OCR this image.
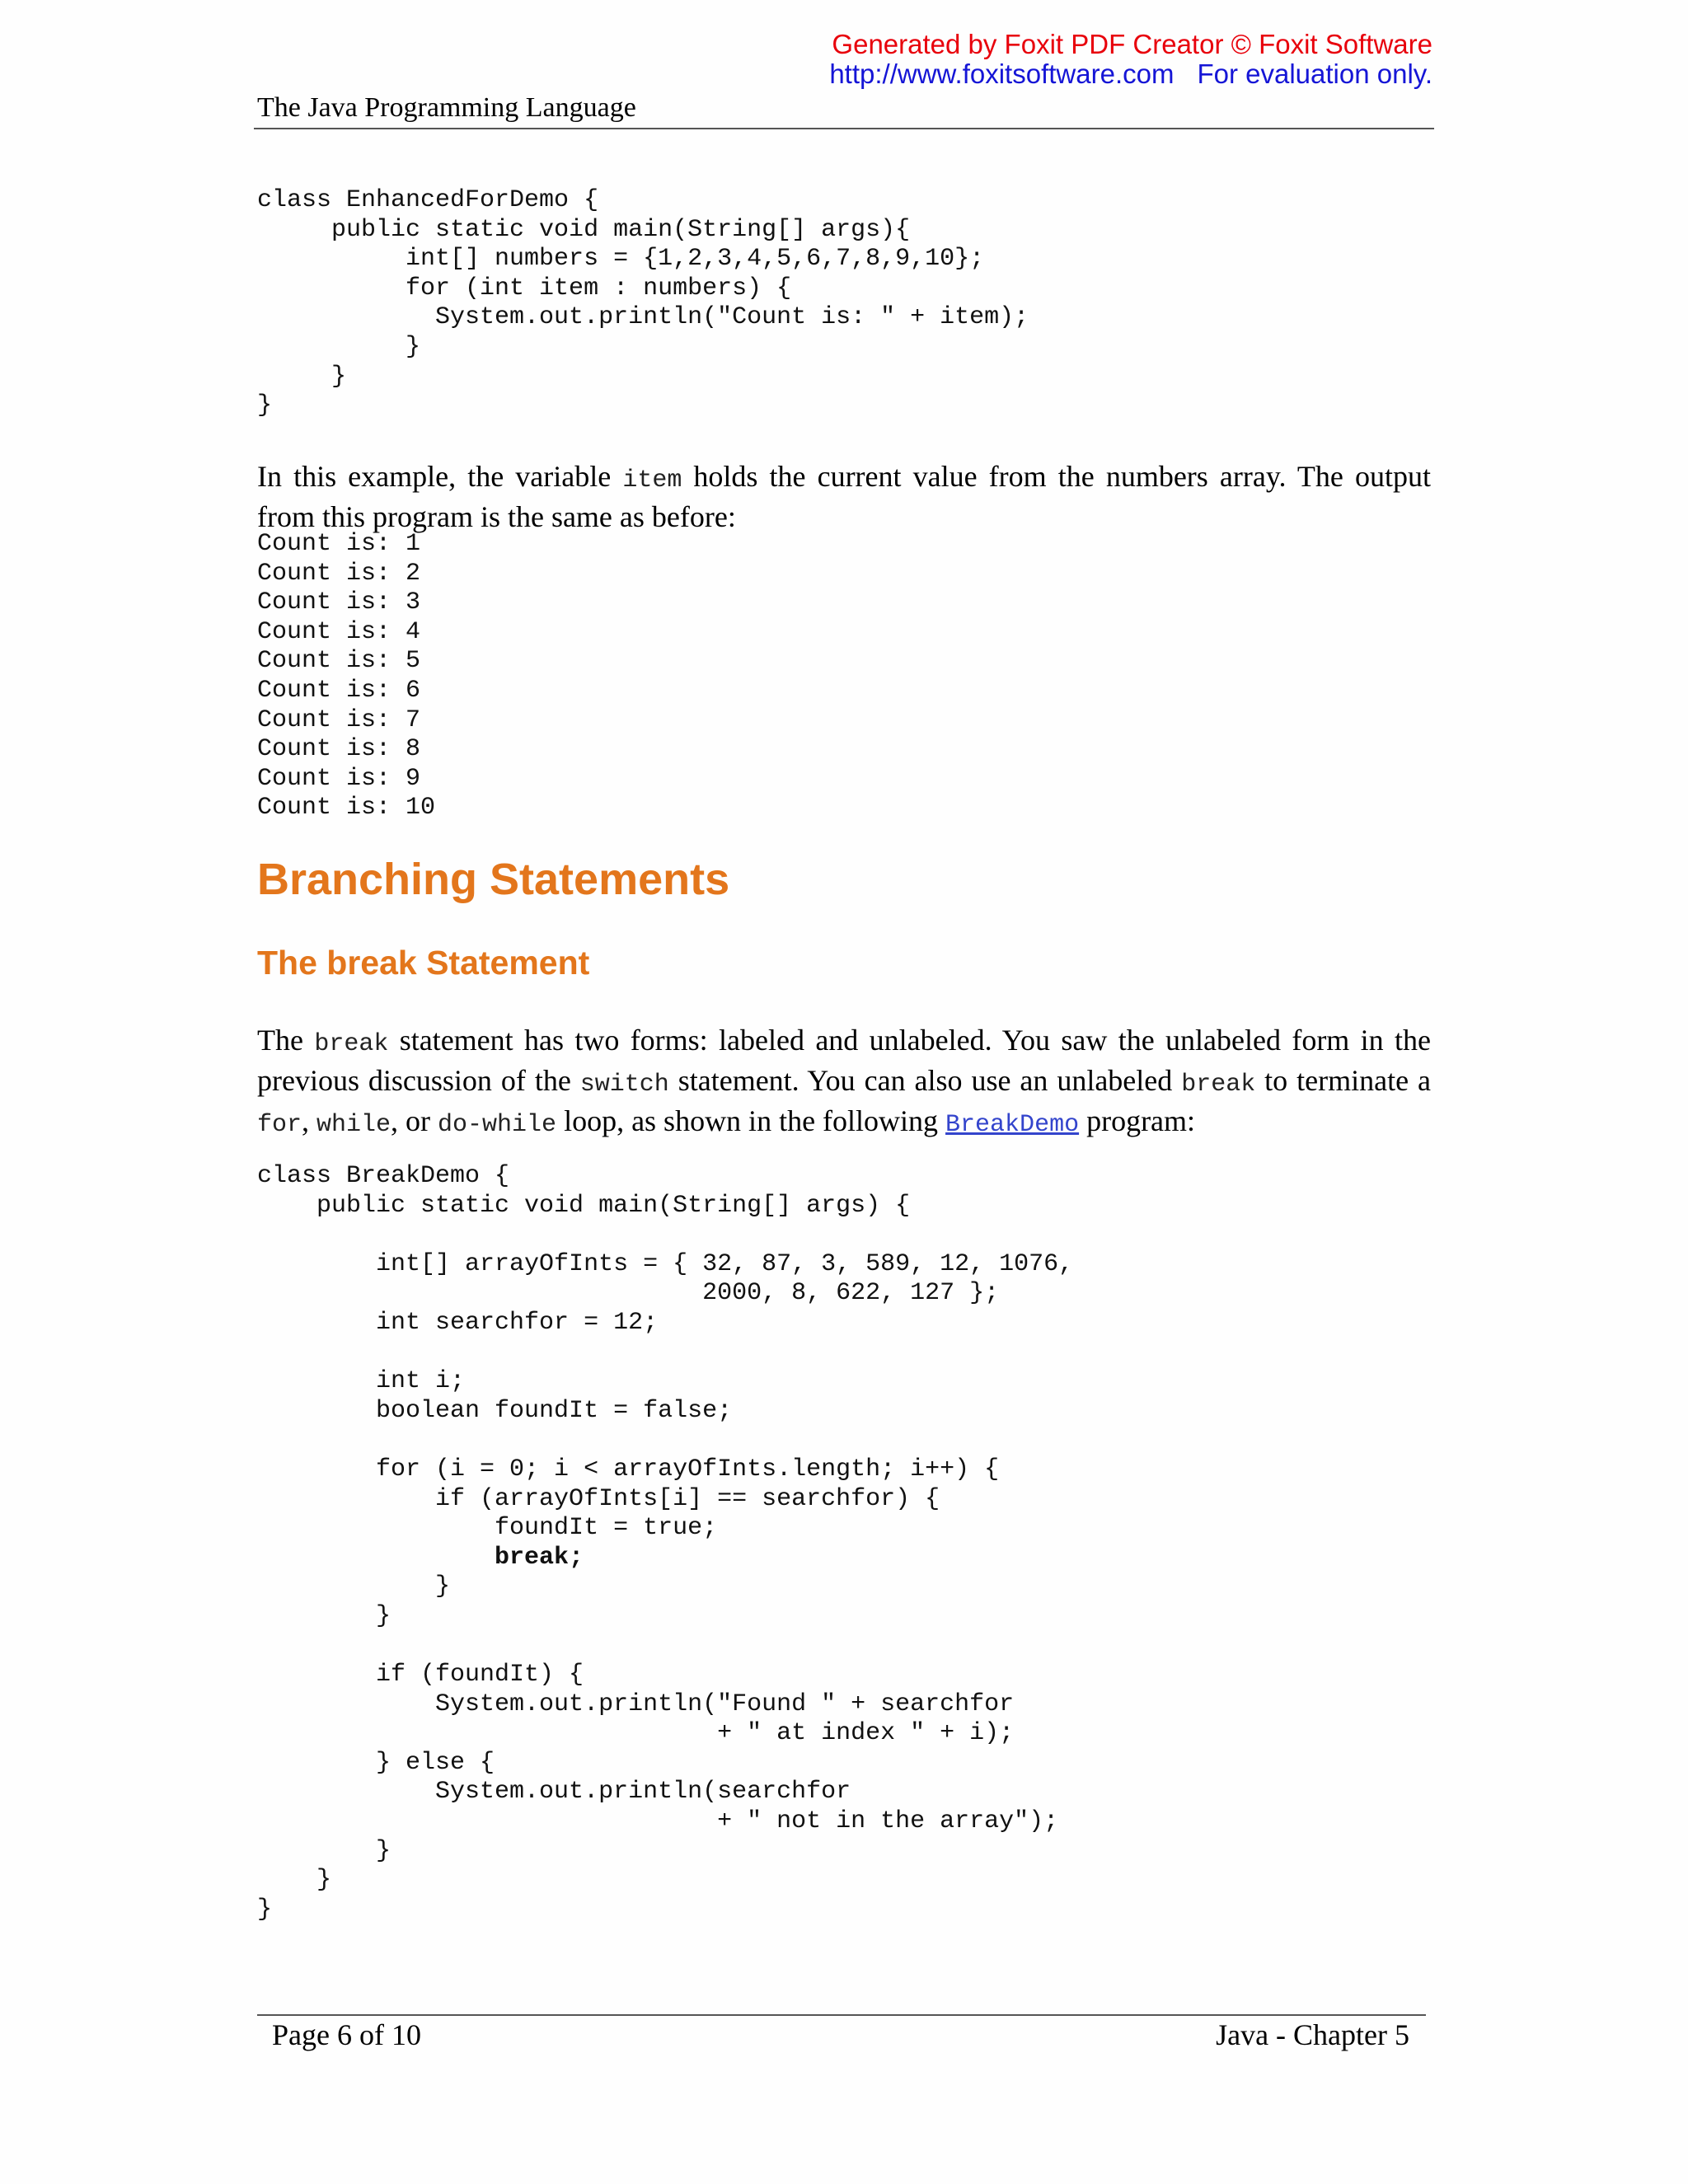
Generated by Foxit PDF Creator © Foxit Software
http://www.foxitsoftware.com For evaluation only.
The Java Programming Language
class EnhancedForDemo {
public static void main(String[] args){
int[] numbers = {1,2,3,4,5,6,7,8,9,10};
for (int item : numbers) {
System.out.println("Count is: " + item);
}
}
}

In this example, the variable item holds the current value from the numbers array. The output from this program is the same as before:

Count is: 1
Count is: 2
Count is: 3
Count is: 4
Count is: 5
Count is: 6
Count is: 7
Count is: 8
Count is: 9
Count is: 10
Branching Statements
The break Statement

The break statement has two forms: labeled and unlabeled. You saw the unlabeled form in the previous discussion of the switch statement. You can also use an unlabeled break to terminate a for, while, or do-while loop, as shown in the following BreakDemo program:

class BreakDemo {
public static void main(String[] args) {

int[] arrayOfInts = { 32, 87, 3, 589, 12, 1076,
2000, 8, 622, 127 };
int searchfor = 12;

int i;
boolean foundIt = false;

for (i = 0; i < arrayOfInts.length; i++) {
if (arrayOfInts[i] == searchfor) {
foundIt = true;
break;
}
}

if (foundIt) {
System.out.println("Found " + searchfor
+ " at index " + i);
} else {
System.out.println(searchfor
+ " not in the array");
}
}
}
Page 6 of 10	Java - Chapter 5
